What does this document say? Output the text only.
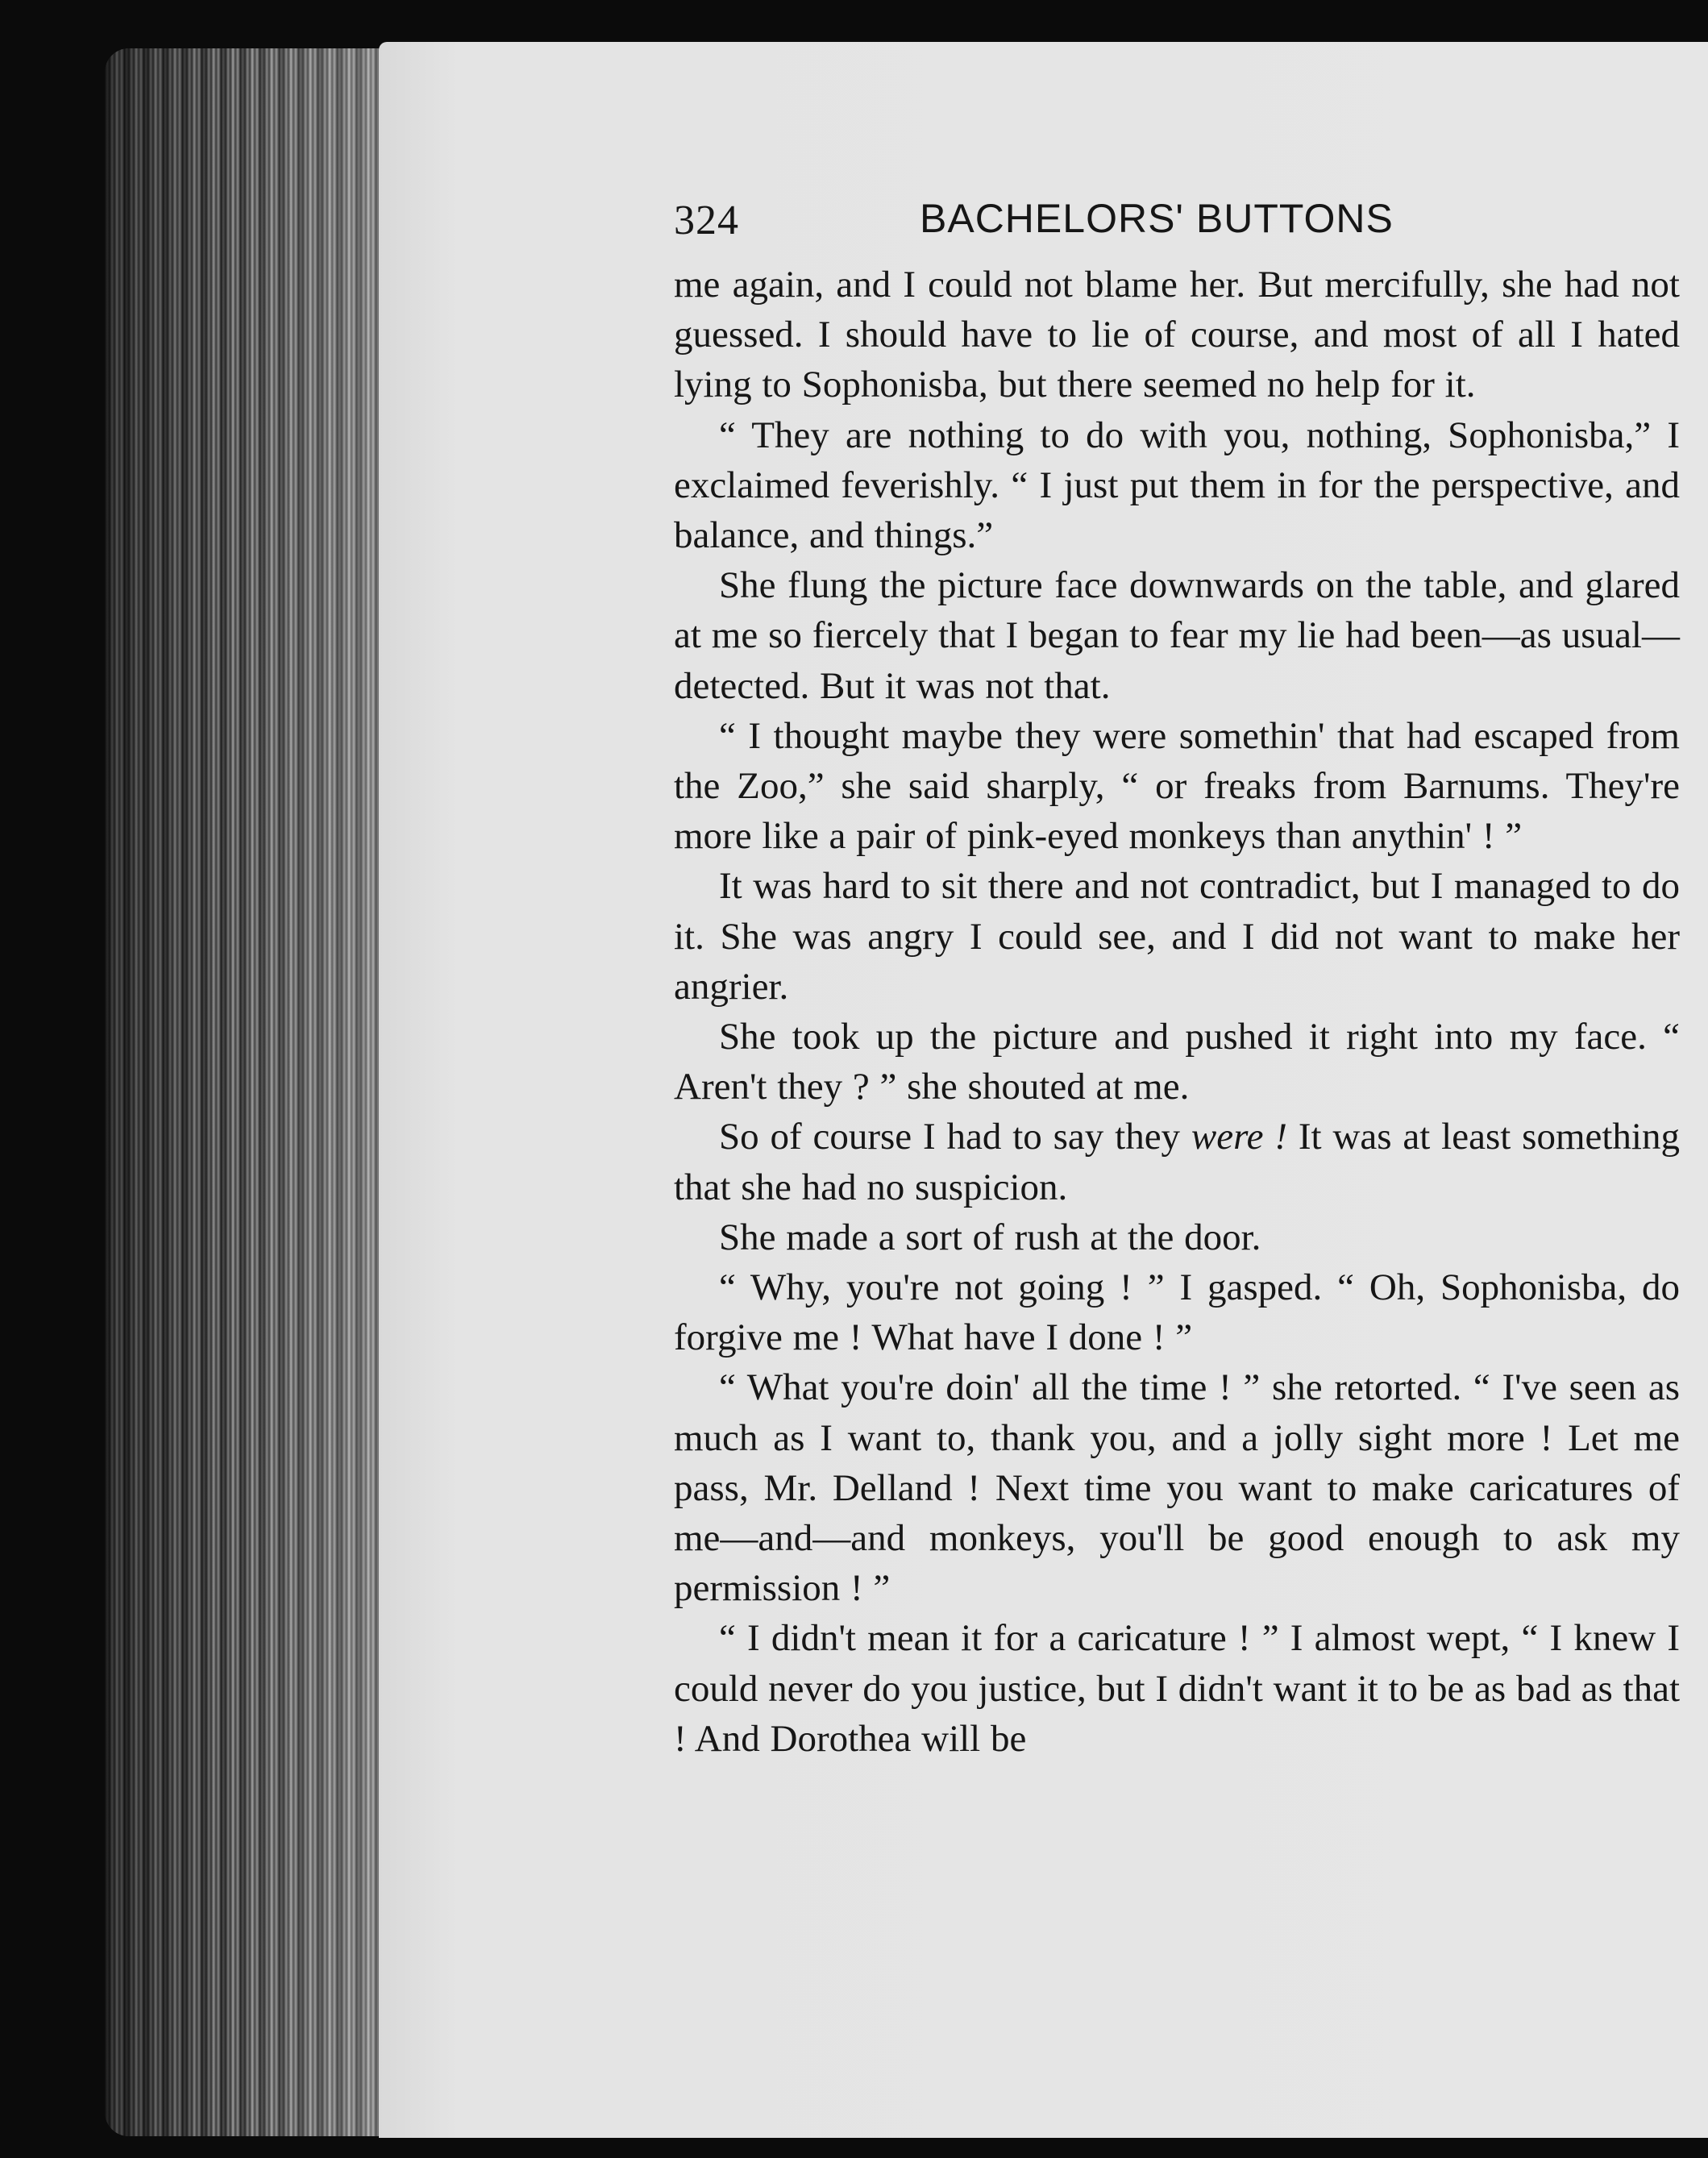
324	BACHELORS' BUTTONS

me again, and I could not blame her. But mercifully, she had not guessed. I should have to lie of course, and most of all I hated lying to Sophonisba, but there seemed no help for it.

“ They are nothing to do with you, nothing, Sophonisba,” I exclaimed feverishly. “ I just put them in for the perspective, and balance, and things.”

She flung the picture face downwards on the table, and glared at me so fiercely that I began to fear my lie had been—as usual—detected. But it was not that.

“ I thought maybe they were somethin' that had escaped from the Zoo,” she said sharply, “ or freaks from Barnums. They're more like a pair of pink-eyed monkeys than anythin' ! ”

It was hard to sit there and not contradict, but I managed to do it. She was angry I could see, and I did not want to make her angrier.

She took up the picture and pushed it right into my face. “ Aren't they ? ” she shouted at me.

So of course I had to say they were ! It was at least something that she had no suspicion.

She made a sort of rush at the door.

“ Why, you're not going ! ” I gasped. “ Oh, Sophonisba, do forgive me ! What have I done ! ”

“ What you're doin' all the time ! ” she retorted. “ I've seen as much as I want to, thank you, and a jolly sight more ! Let me pass, Mr. Delland ! Next time you want to make caricatures of me—and—and monkeys, you'll be good enough to ask my permission ! ”

“ I didn't mean it for a caricature ! ” I almost wept, “ I knew I could never do you justice, but I didn't want it to be as bad as that ! And Dorothea will be
